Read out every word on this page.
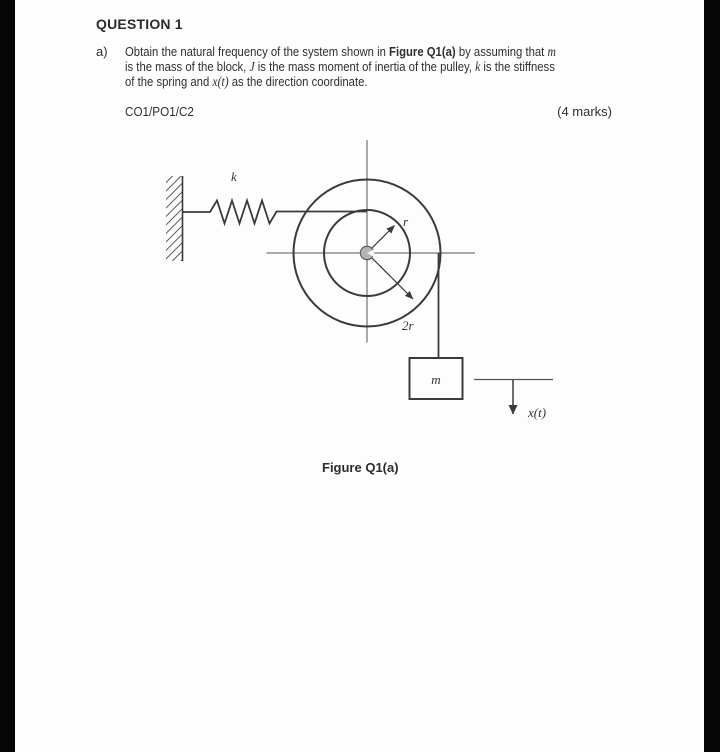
QUESTION 1
a) Obtain the natural frequency of the system shown in Figure Q1(a) by assuming that m
is the mass of the block, J is the mass moment of inertia of the pulley, k is the stiffness
of the spring and x(t) as the direction coordinate.
CO1/PO1/C2	(4 marks)
k
r
2r
m
x(t)
Figure Q1(a)
